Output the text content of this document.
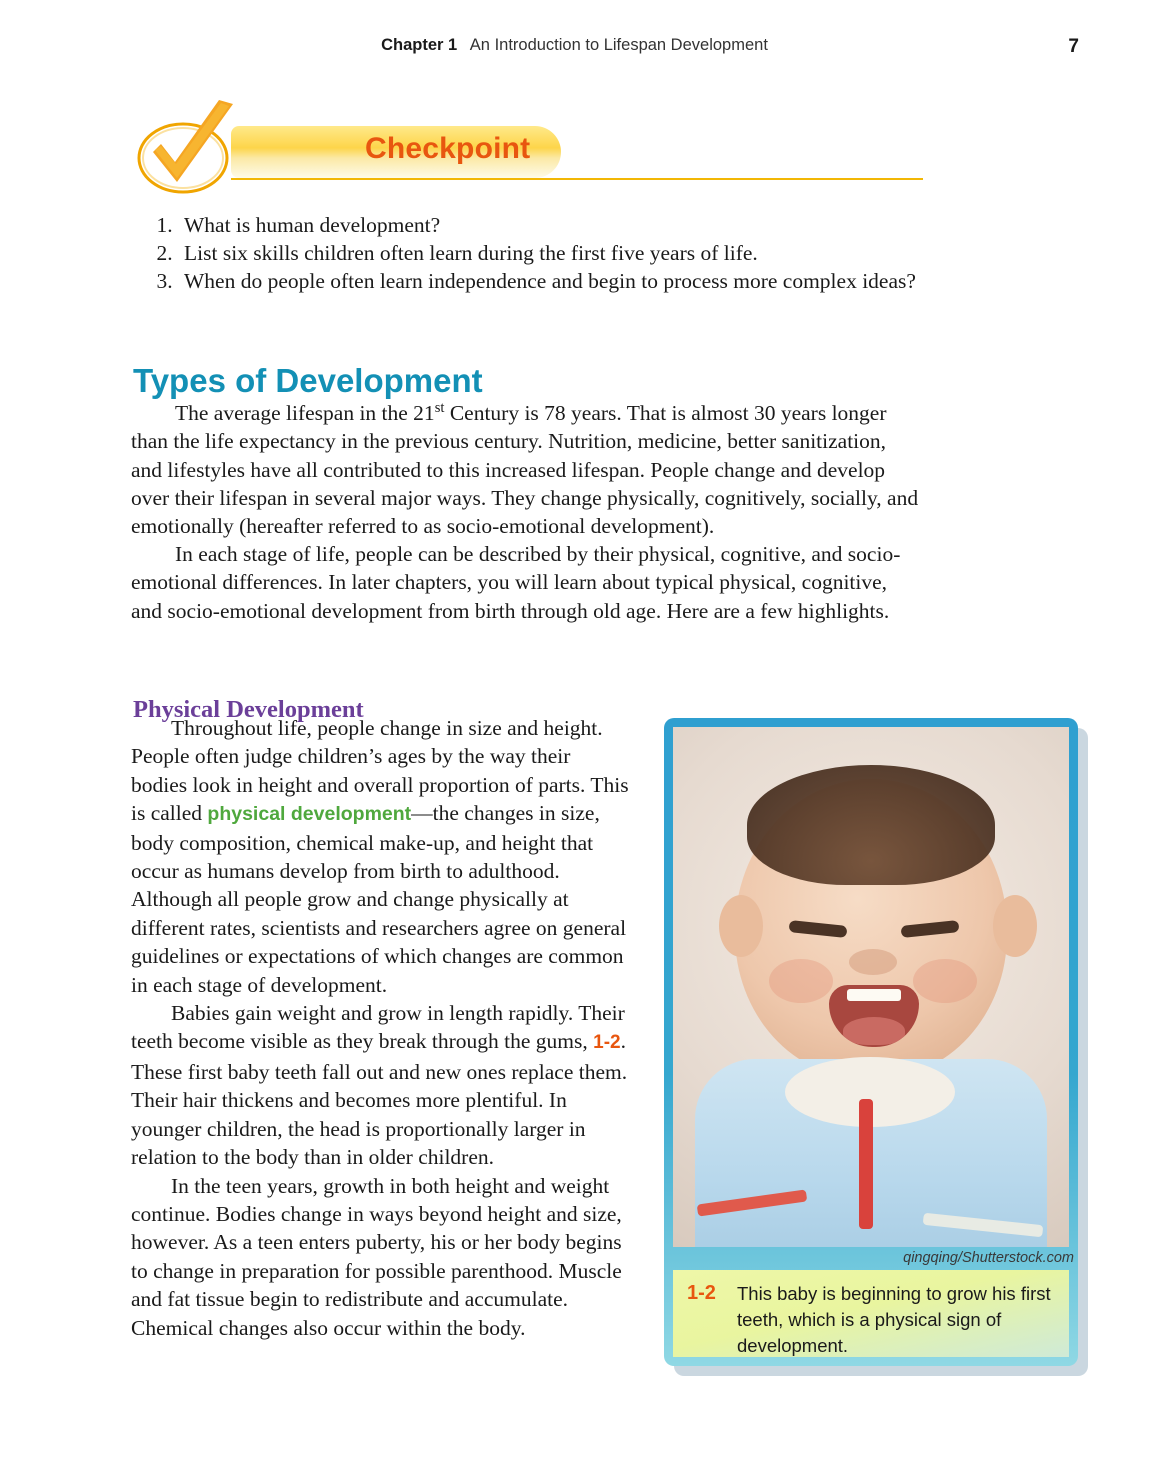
Chapter 1 An Introduction to Lifespan Development	7
Checkpoint
1. What is human development?
2. List six skills children often learn during the first five years of life.
3. When do people often learn independence and begin to process more complex ideas?
Types of Development

The average lifespan in the 21st Century is 78 years. That is almost 30 years longer than the life expectancy in the previous century. Nutrition, medicine, better sanitization, and lifestyles have all contributed to this increased lifespan. People change and develop over their lifespan in several major ways. They change physically, cognitively, socially, and emotionally (hereafter referred to as socio-emotional development).

In each stage of life, people can be described by their physical, cognitive, and socio-emotional differences. In later chapters, you will learn about typical physical, cognitive, and socio-emotional development from birth through old age. Here are a few highlights.

Physical Development

Throughout life, people change in size and height. People often judge children’s ages by the way their bodies look in height and overall proportion of parts. This is called physical development—the changes in size, body composition, chemical make-up, and height that occur as humans develop from birth to adulthood. Although all people grow and change physically at different rates, scientists and researchers agree on general guidelines or expectations of which changes are common in each stage of development.

Babies gain weight and grow in length rapidly. Their teeth become visible as they break through the gums, 1-2. These first baby teeth fall out and new ones replace them. Their hair thickens and becomes more plentiful. In younger children, the head is proportionally larger in relation to the body than in older children.

In the teen years, growth in both height and weight continue. Bodies change in ways beyond height and size, however. As a teen enters puberty, his or her body begins to change in preparation for possible parenthood. Muscle and fat tissue begin to redistribute and accumulate. Chemical changes also occur within the body.

qingqing/Shutterstock.com
1-2 This baby is beginning to grow his first teeth, which is a physical sign of development.
